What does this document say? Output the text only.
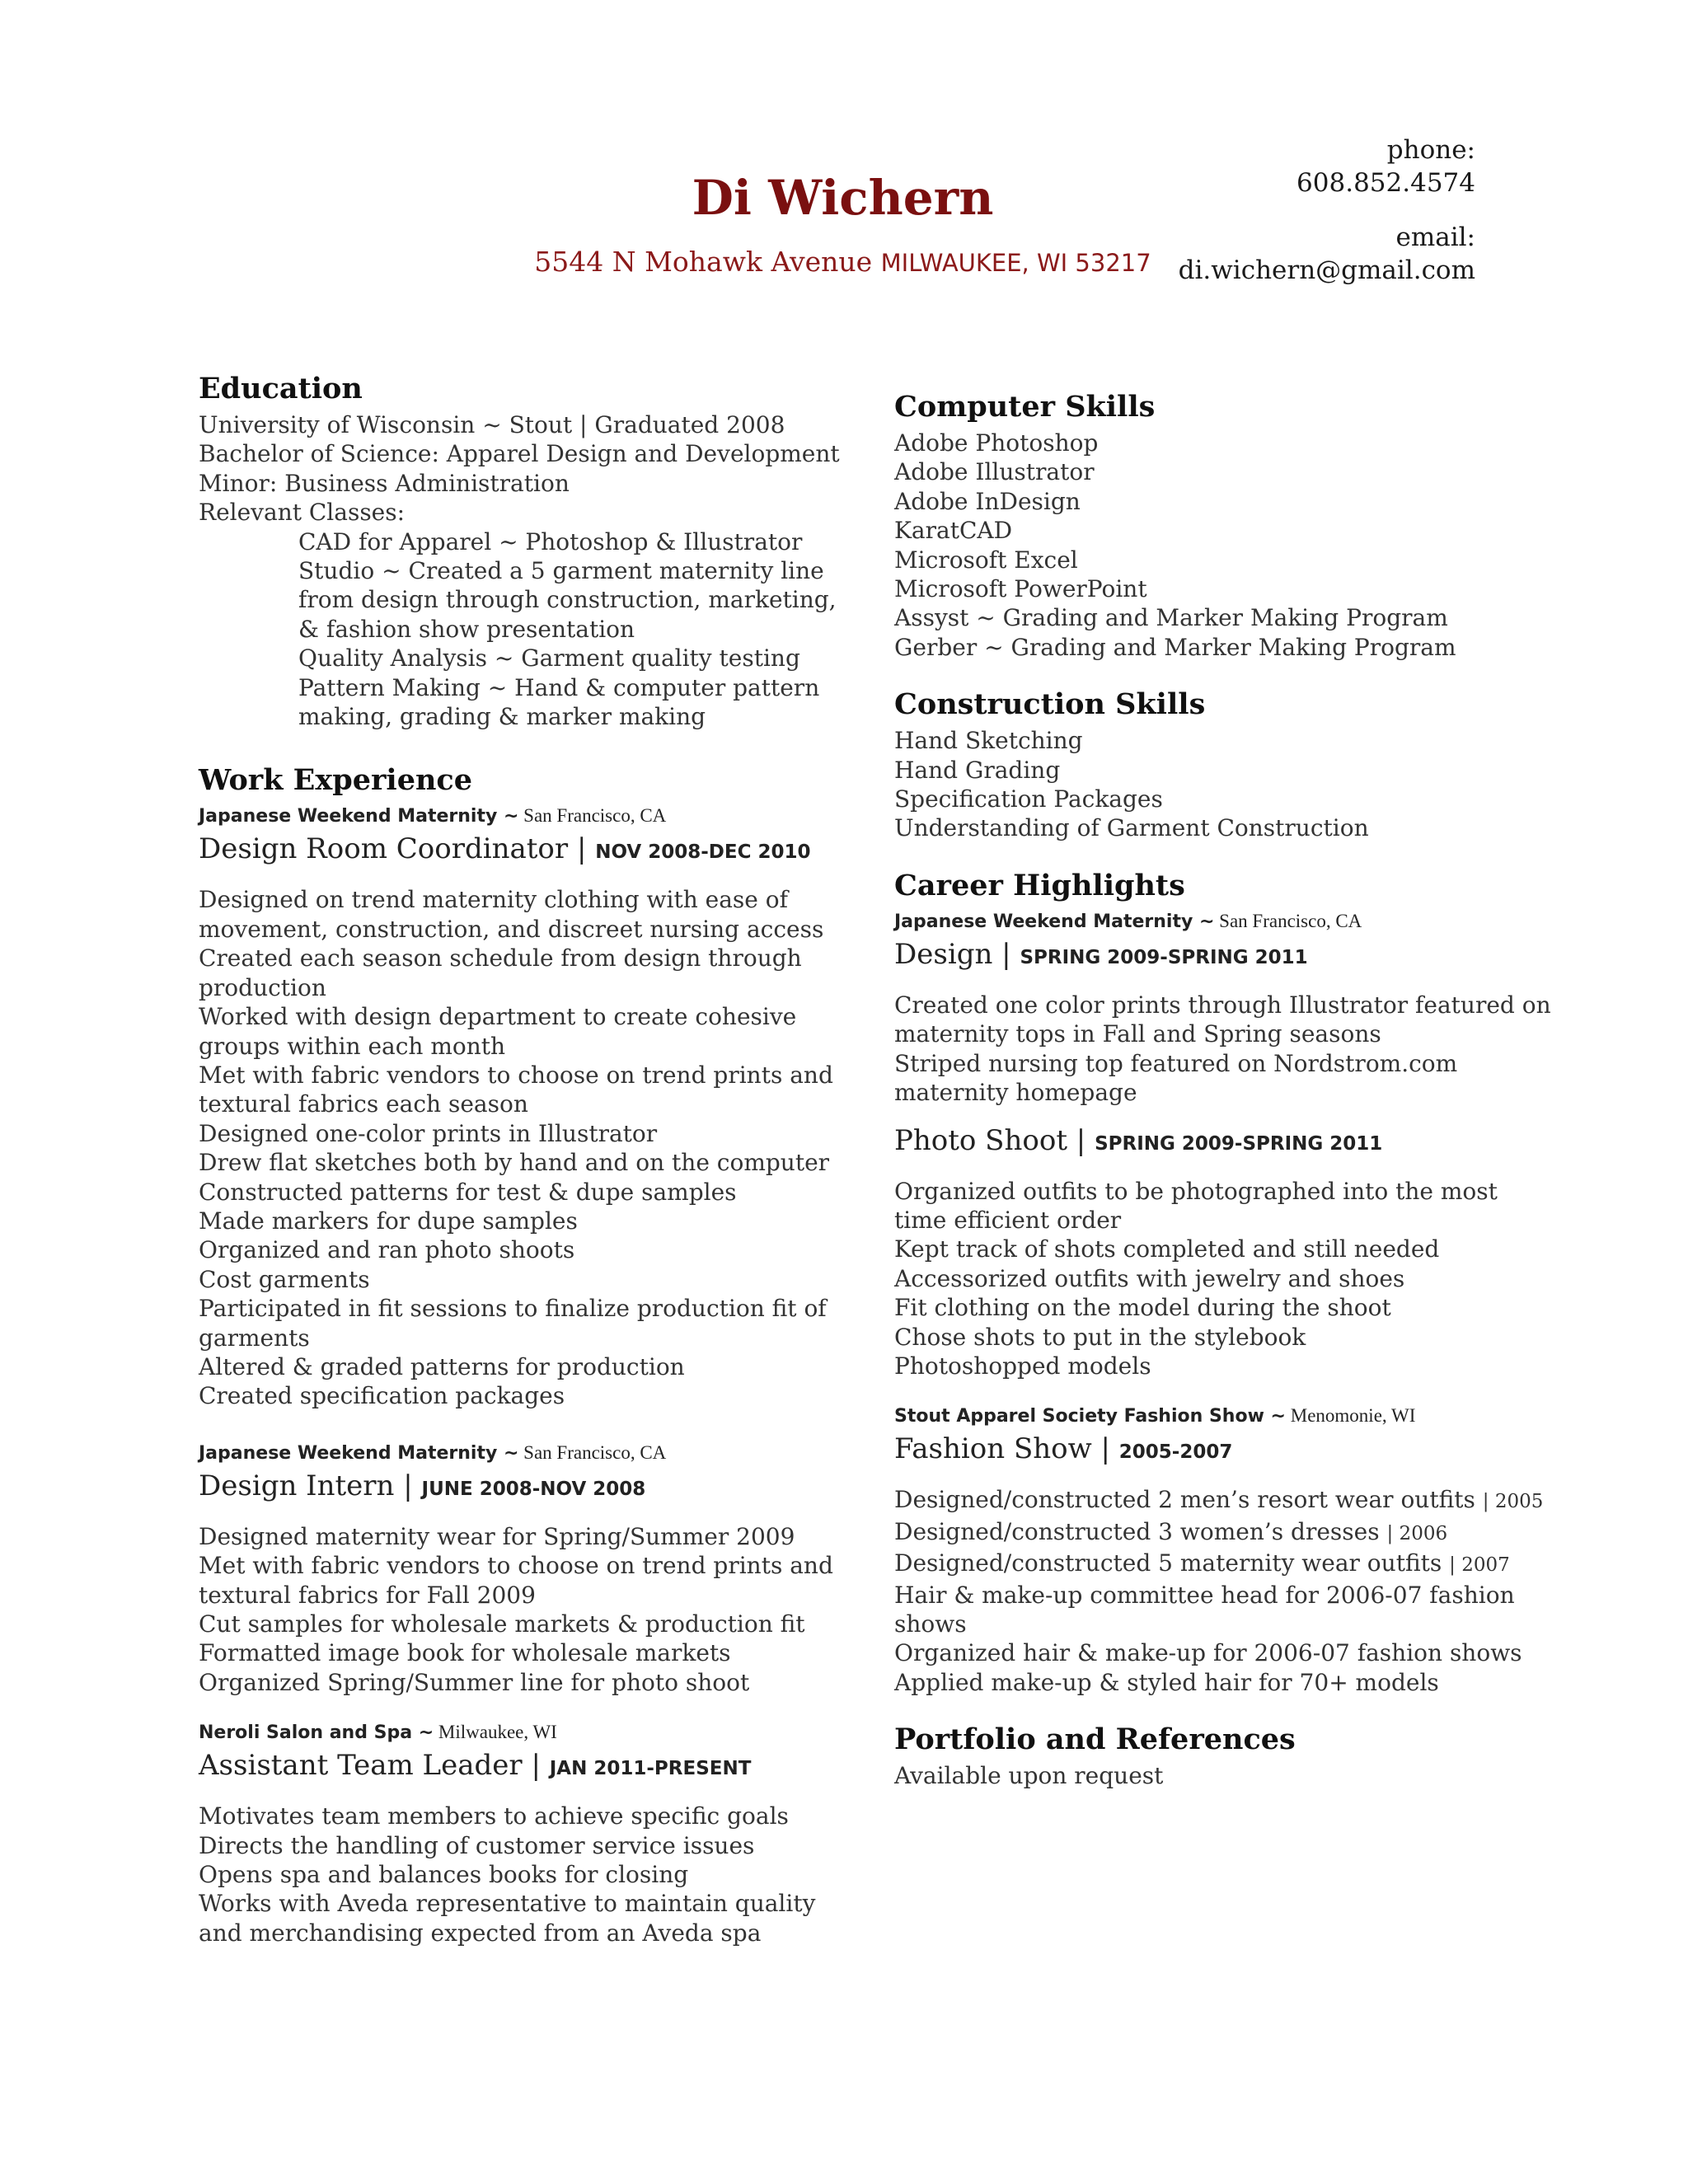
Di Wichern
5544 N Mohawk Avenue MILWAUKEE, WI 53217
phone:
608.852.4574
email:
di.wichern@gmail.com
Education
University of Wisconsin ~ Stout | Graduated 2008
Bachelor of Science: Apparel Design and Development
Minor: Business Administration
Relevant Classes:
CAD for Apparel ~ Photoshop & Illustrator
Studio ~ Created a 5 garment maternity line
from design through construction, marketing,
& fashion show presentation
Quality Analysis ~ Garment quality testing
Pattern Making ~ Hand & computer pattern
making, grading & marker making
Work Experience
Japanese Weekend Maternity ~ San Francisco, CA
Design Room Coordinator | NOV 2008-DEC 2010
Designed on trend maternity clothing with ease of
movement, construction, and discreet nursing access
Created each season schedule from design through
production
Worked with design department to create cohesive
groups within each month
Met with fabric vendors to choose on trend prints and
textural fabrics each season
Designed one-color prints in Illustrator
Drew flat sketches both by hand and on the computer
Constructed patterns for test & dupe samples
Made markers for dupe samples
Organized and ran photo shoots
Cost garments
Participated in fit sessions to finalize production fit of
garments
Altered & graded patterns for production
Created specification packages
Japanese Weekend Maternity ~ San Francisco, CA
Design Intern | JUNE 2008-NOV 2008
Designed maternity wear for Spring/Summer 2009
Met with fabric vendors to choose on trend prints and
textural fabrics for Fall 2009
Cut samples for wholesale markets & production fit
Formatted image book for wholesale markets
Organized Spring/Summer line for photo shoot
Neroli Salon and Spa ~ Milwaukee, WI
Assistant Team Leader | JAN 2011-PRESENT
Motivates team members to achieve specific goals
Directs the handling of customer service issues
Opens spa and balances books for closing
Works with Aveda representative to maintain quality
and merchandising expected from an Aveda spa
Computer Skills
Adobe Photoshop
Adobe Illustrator
Adobe InDesign
KaratCAD
Microsoft Excel
Microsoft PowerPoint
Assyst ~ Grading and Marker Making Program
Gerber ~ Grading and Marker Making Program
Construction Skills
Hand Sketching
Hand Grading
Specification Packages
Understanding of Garment Construction
Career Highlights
Japanese Weekend Maternity ~ San Francisco, CA
Design | SPRING 2009-SPRING 2011
Created one color prints through Illustrator featured on
maternity tops in Fall and Spring seasons
Striped nursing top featured on Nordstrom.com
maternity homepage
Photo Shoot | SPRING 2009-SPRING 2011
Organized outfits to be photographed into the most
time efficient order
Kept track of shots completed and still needed
Accessorized outfits with jewelry and shoes
Fit clothing on the model during the shoot
Chose shots to put in the stylebook
Photoshopped models
Stout Apparel Society Fashion Show ~ Menomonie, WI
Fashion Show | 2005-2007
Designed/constructed 2 men’s resort wear outfits | 2005
Designed/constructed 3 women’s dresses | 2006
Designed/constructed 5 maternity wear outfits | 2007
Hair & make-up committee head for 2006-07 fashion
shows
Organized hair & make-up for 2006-07 fashion shows
Applied make-up & styled hair for 70+ models
Portfolio and References
Available upon request
